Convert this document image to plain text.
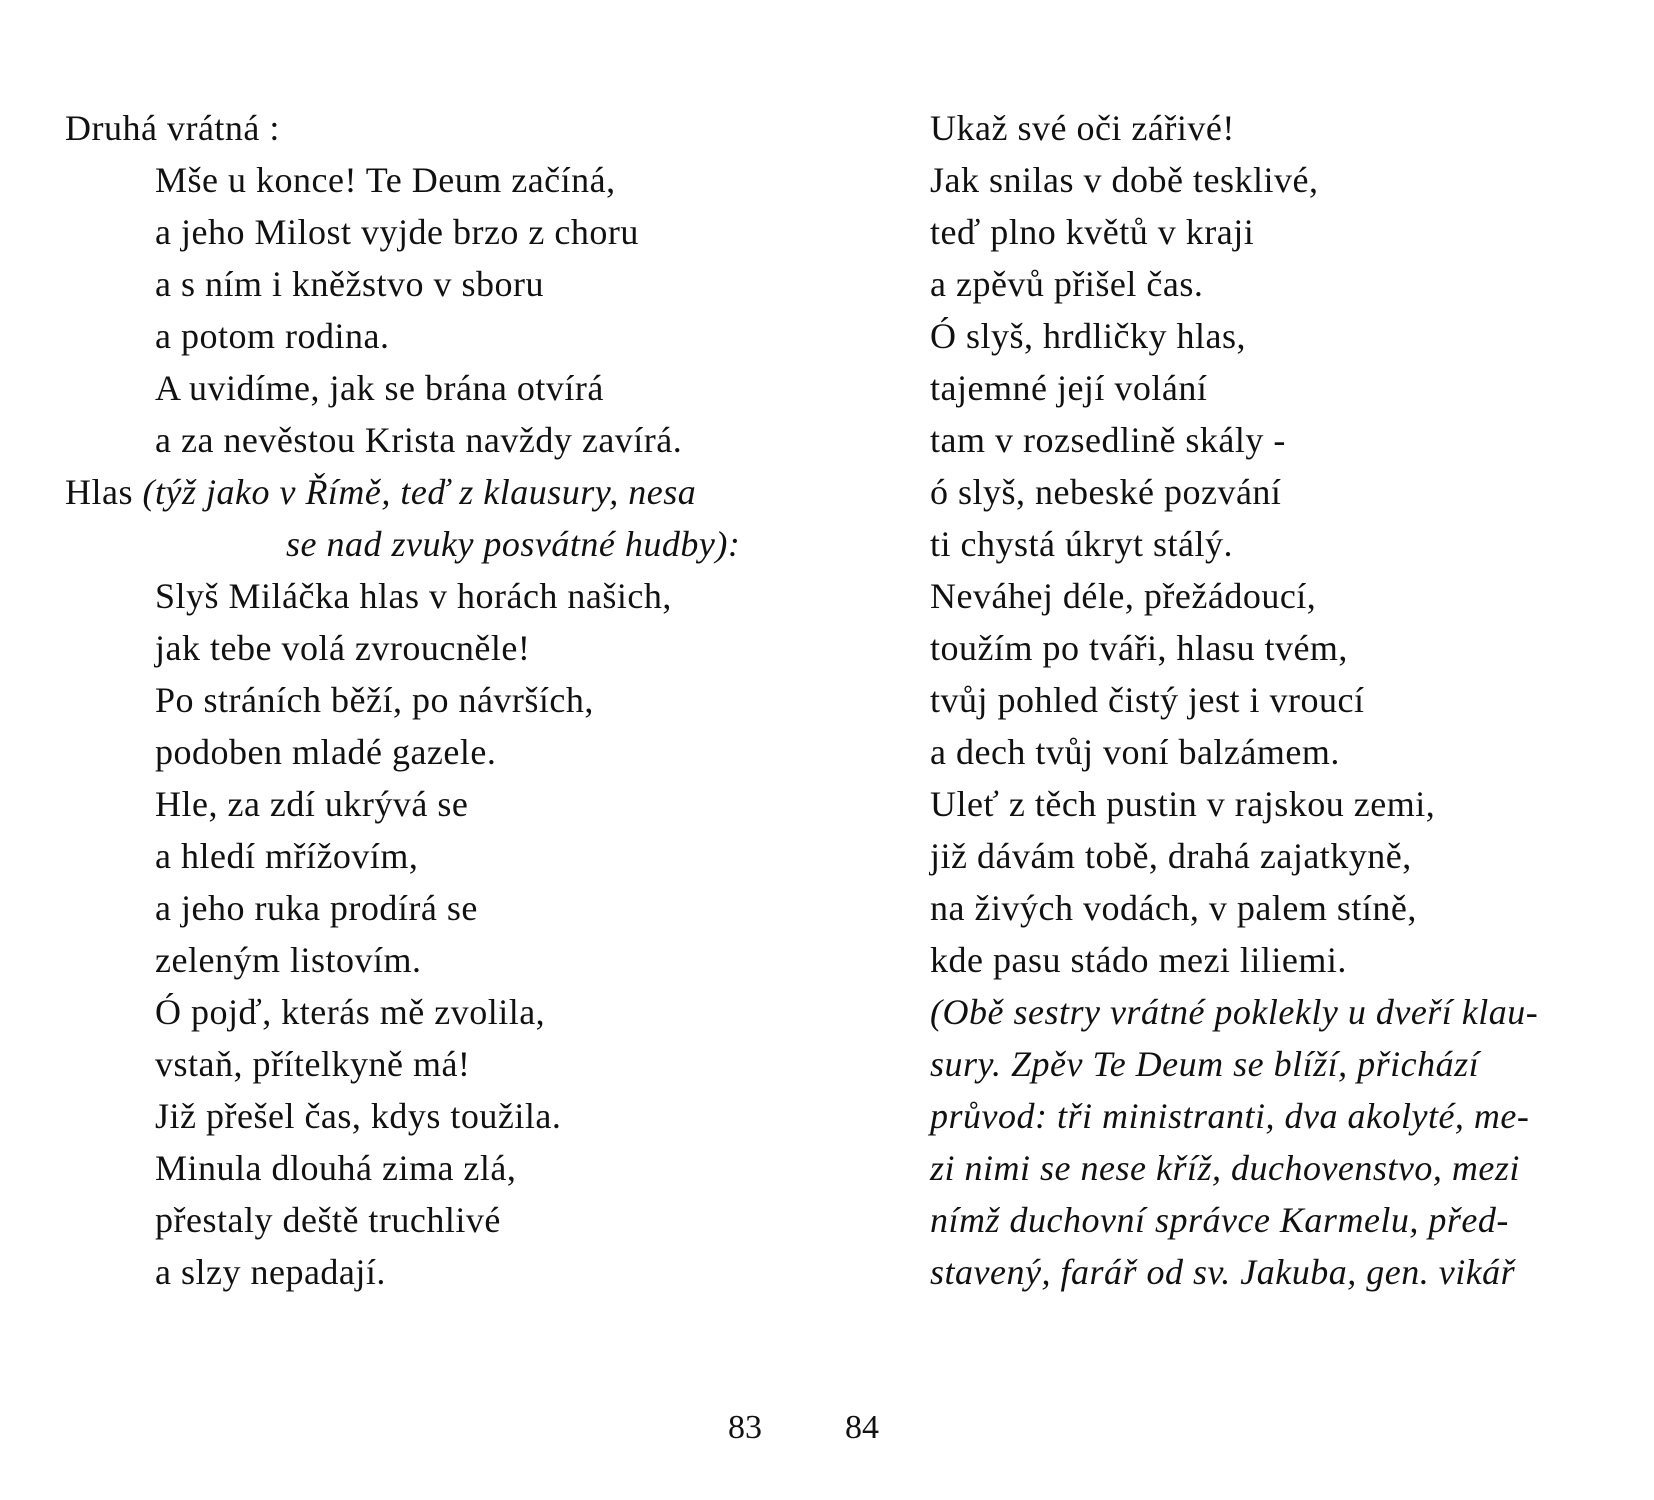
Druhá vrátná :
Mše u konce! Te Deum začíná,
a jeho Milost vyjde brzo z choru
a s ním i kněžstvo v sboru
a potom rodina.
A uvidíme, jak se brána otvírá
a za nevěstou Krista navždy zavírá.
Hlas (týž jako v Římě, teď z klausury, nesa
se nad zvuky posvátné hudby):
Slyš Miláčka hlas v horách našich,
jak tebe volá zvroucněle!
Po stráních běží, po návrších,
podoben mladé gazele.
Hle, za zdí ukrývá se
a hledí mřížovím,
a jeho ruka prodírá se
zeleným listovím.
Ó pojď, kterás mě zvolila,
vstaň, přítelkyně má!
Již přešel čas, kdys toužila.
Minula dlouhá zima zlá,
přestaly deště truchlivé
a slzy nepadají.
83
Ukaž své oči zářivé!
Jak snilas v době tesklivé,
teď plno květů v kraji
a zpěvů přišel čas.
Ó slyš, hrdličky hlas,
tajemné její volání
tam v rozsedlině skály -
ó slyš, nebeské pozvání
ti chystá úkryt stálý.
Neváhej déle, přežádoucí,
toužím po tváři, hlasu tvém,
tvůj pohled čistý jest i vroucí
a dech tvůj voní balzámem.
Uleť z těch pustin v rajskou zemi,
již dávám tobě, drahá zajatkyně,
na živých vodách, v palem stíně,
kde pasu stádo mezi liliemi.
(Obě sestry vrátné poklekly u dveří klau-
sury. Zpěv Te Deum se blíží, přichází
průvod: tři ministranti, dva akolyté, me-
zi nimi se nese kříž, duchovenstvo, mezi
nímž duchovní správce Karmelu, před-
stavený, farář od sv. Jakuba, gen. vikář
84
